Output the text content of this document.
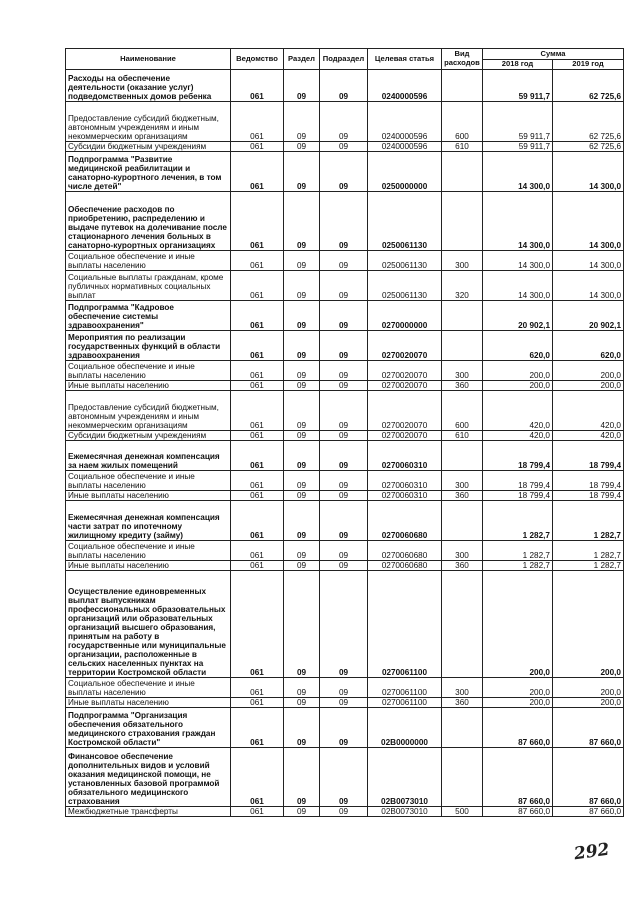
Наименование	Ведомство	Раздел	Подраздел	Целевая статья	Вид расходов	Сумма	
						2018 год	2019 год
Расходы на обеспечение деятельности (оказание услуг) подведомственных домов ребенка	061	09	09	0240000596		59 911,7	62 725,6
Предоставление субсидий бюджетным, автономным учреждениям и иным некоммерческим организациям	061	09	09	0240000596	600	59 911,7	62 725,6
Субсидии бюджетным учреждениям	061	09	09	0240000596	610	59 911,7	62 725,6
Подпрограмма "Развитие медицинской реабилитации и санаторно-курортного лечения, в том числе детей"	061	09	09	0250000000		14 300,0	14 300,0
Обеспечение расходов по приобретению, распределению и выдаче путевок на долечивание после стационарного лечения больных в санаторно-курортных организациях	061	09	09	0250061130		14 300,0	14 300,0
Социальное обеспечение и иные выплаты населению	061	09	09	0250061130	300	14 300,0	14 300,0
Социальные выплаты гражданам, кроме публичных нормативных социальных выплат	061	09	09	0250061130	320	14 300,0	14 300,0
Подпрограмма "Кадровое обеспечение системы здравоохранения"	061	09	09	0270000000		20 902,1	20 902,1
Мероприятия по реализации государственных функций в области здравоохранения	061	09	09	0270020070		620,0	620,0
Социальное обеспечение и иные выплаты населению	061	09	09	0270020070	300	200,0	200,0
Иные выплаты населению	061	09	09	0270020070	360	200,0	200,0
Предоставление субсидий бюджетным, автономным учреждениям и иным некоммерческим организациям	061	09	09	0270020070	600	420,0	420,0
Субсидии бюджетным учреждениям	061	09	09	0270020070	610	420,0	420,0
Ежемесячная денежная компенсация за наем жилых помещений	061	09	09	0270060310		18 799,4	18 799,4
Социальное обеспечение и иные выплаты населению	061	09	09	0270060310	300	18 799,4	18 799,4
Иные выплаты населению	061	09	09	0270060310	360	18 799,4	18 799,4
Ежемесячная денежная компенсация части затрат по ипотечному жилищному кредиту (займу)	061	09	09	0270060680		1 282,7	1 282,7
Социальное обеспечение и иные выплаты населению	061	09	09	0270060680	300	1 282,7	1 282,7
Иные выплаты населению	061	09	09	0270060680	360	1 282,7	1 282,7
Осуществление единовременных выплат выпускникам профессиональных образовательных организаций или образовательных организаций высшего образования, принятым на работу в государственные или муниципальные организации, расположенные в сельских населенных пунктах на территории Костромской области	061	09	09	0270061100		200,0	200,0
Социальное обеспечение и иные выплаты населению	061	09	09	0270061100	300	200,0	200,0
Иные выплаты населению	061	09	09	0270061100	360	200,0	200,0
Подпрограмма "Организация обеспечения обязательного медицинского страхования граждан Костромской области"	061	09	09	02В0000000		87 660,0	87 660,0
Финансовое обеспечение дополнительных видов и условий оказания медицинской помощи, не установленных базовой программой обязательного медицинского страхования	061	09	09	02В0073010		87 660,0	87 660,0
Межбюджетные трансферты	061	09	09	02В0073010	500	87 660,0	87 660,0
292
